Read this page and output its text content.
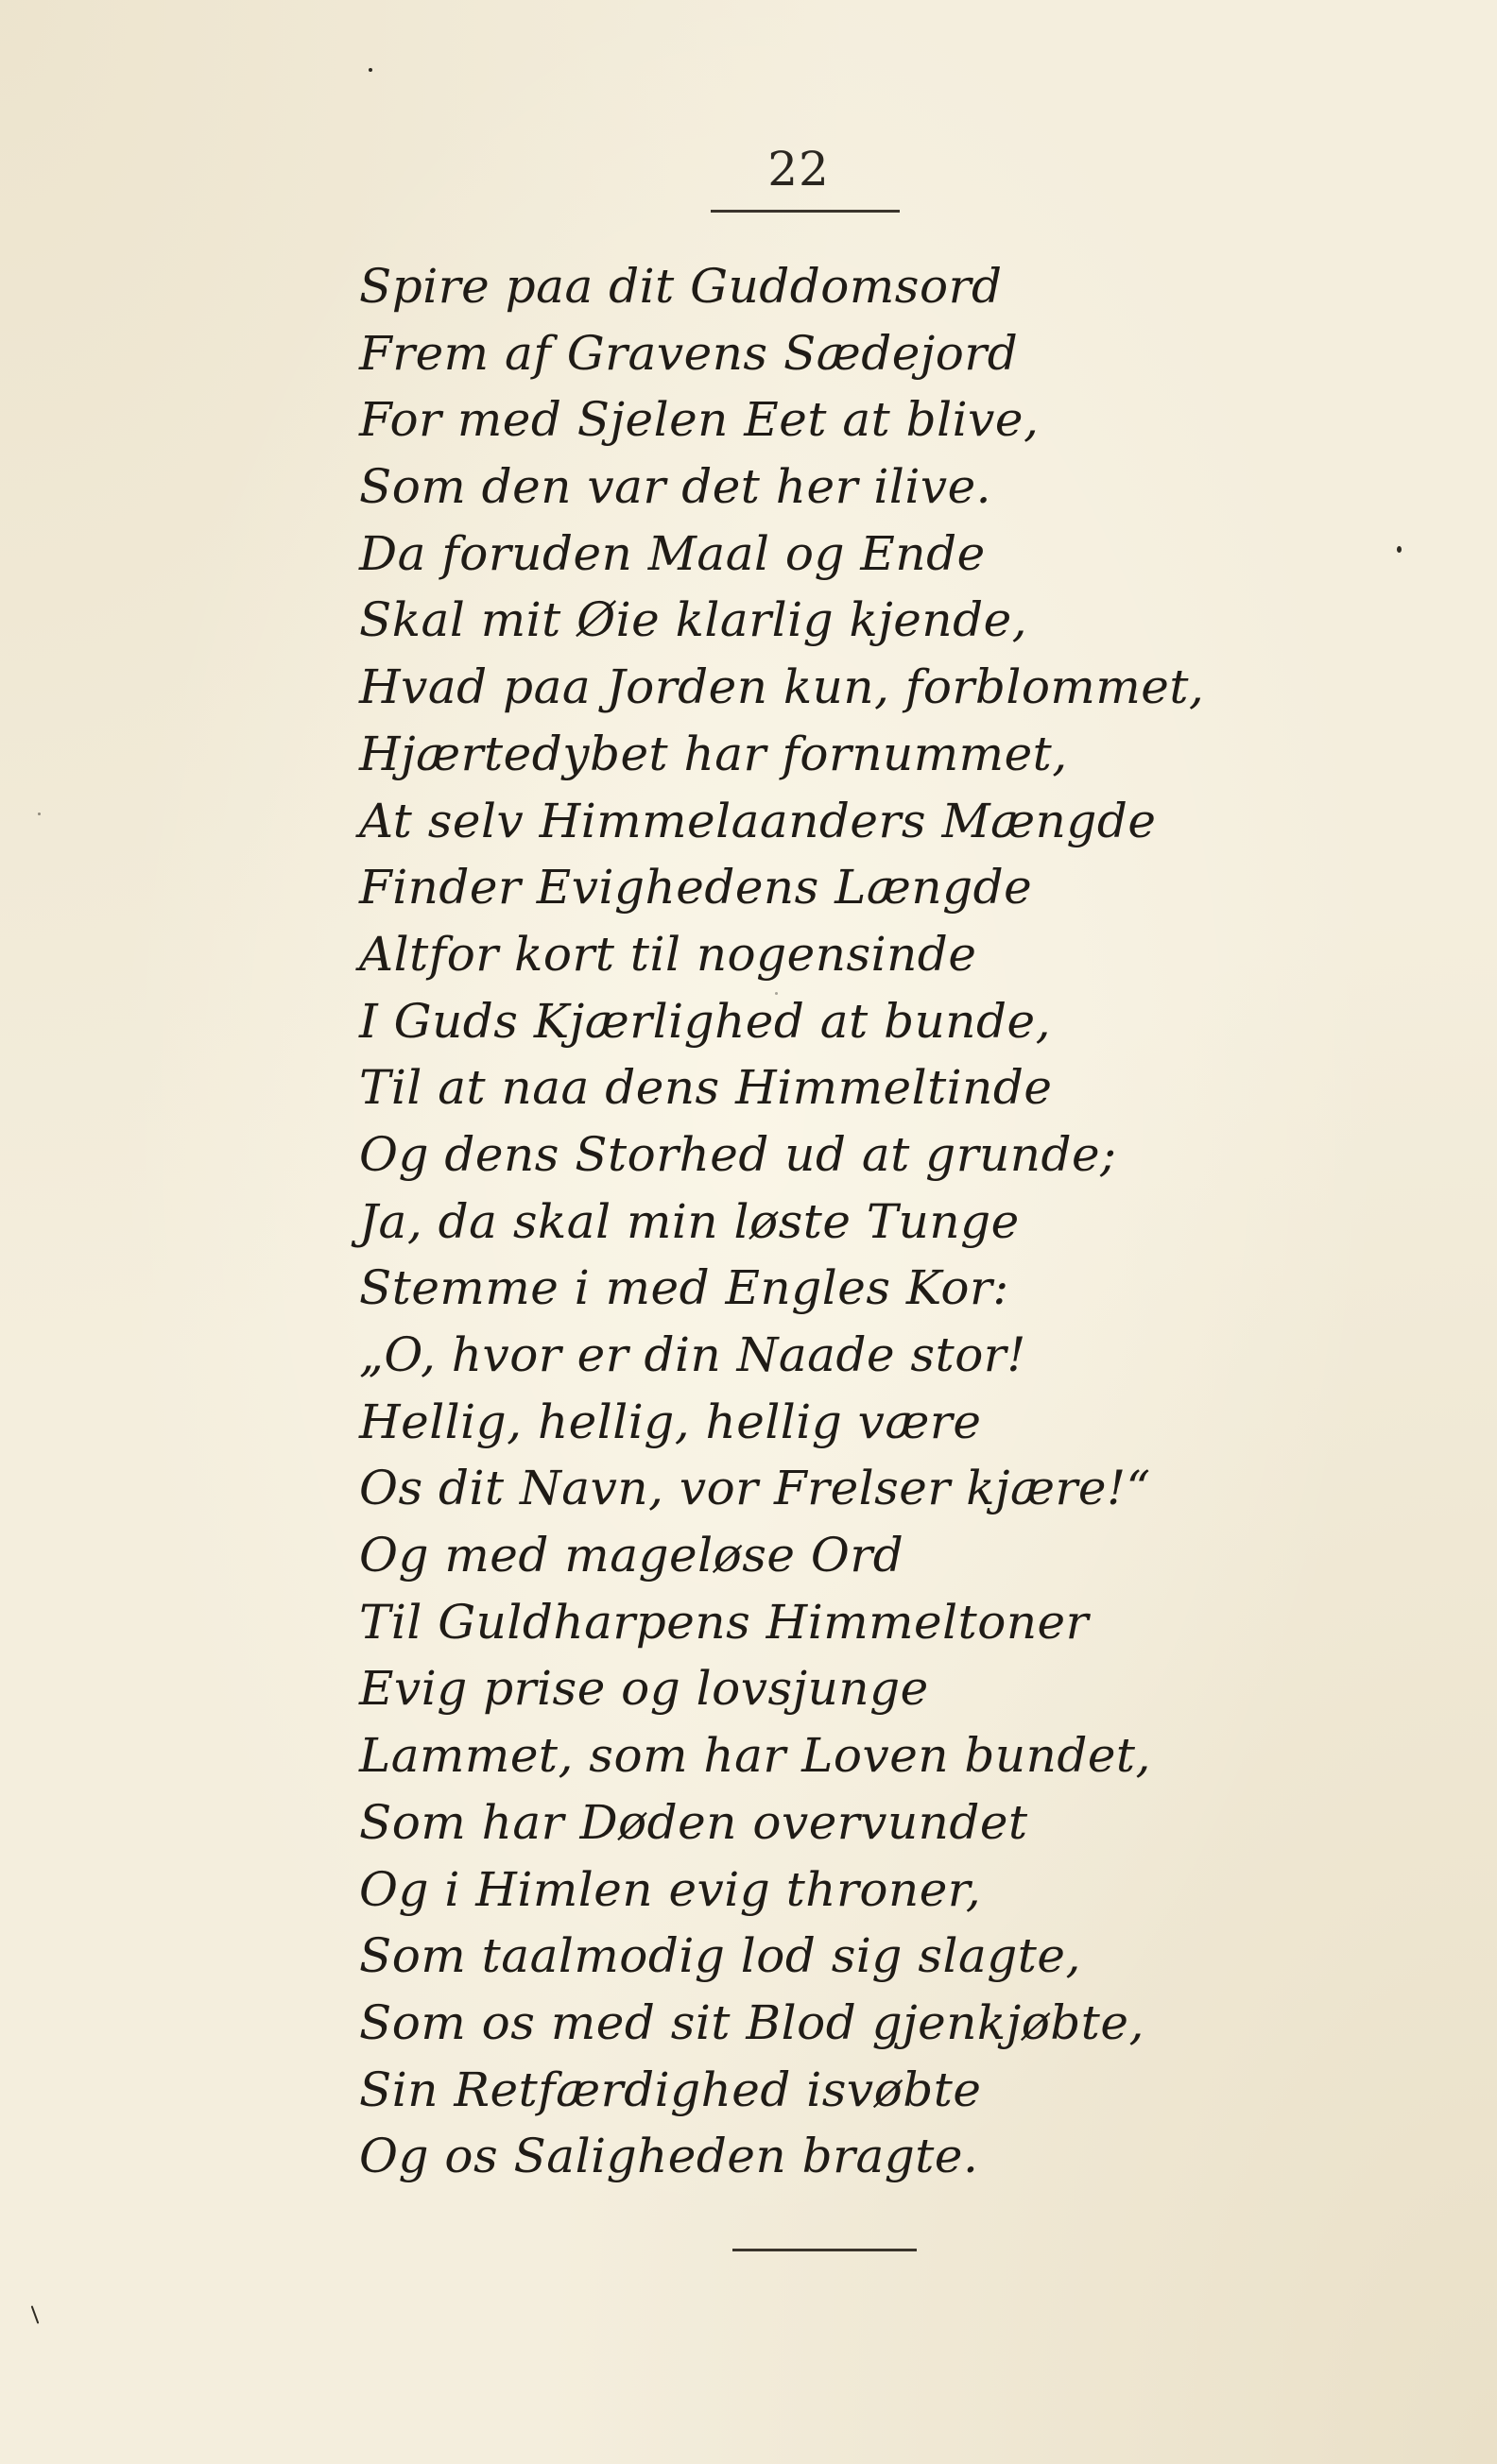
22
Spire paa dit Guddomsord
Frem af Gravens Sædejord
For med Sjelen Eet at blive,
Som den var det her ilive.
Da foruden Maal og Ende
Skal mit Øie klarlig kjende,
Hvad paa Jorden kun, forblommet,
Hjærtedybet har fornummet,
At selv Himmelaanders Mængde
Finder Evighedens Længde
Altfor kort til nogensinde
I Guds Kjærlighed at bunde,
Til at naa dens Himmeltinde
Og dens Storhed ud at grunde;
Ja, da skal min løste Tunge
Stemme i med Engles Kor:
„O, hvor er din Naade stor!
Hellig, hellig, hellig være
Os dit Navn, vor Frelser kjære!“
Og med mageløse Ord
Til Guldharpens Himmeltoner
Evig prise og lovsjunge
Lammet, som har Loven bundet,
Som har Døden overvundet
Og i Himlen evig throner,
Som taalmodig lod sig slagte,
Som os med sit Blod gjenkjøbte,
Sin Retfærdighed isvøbte
Og os Saligheden bragte.
